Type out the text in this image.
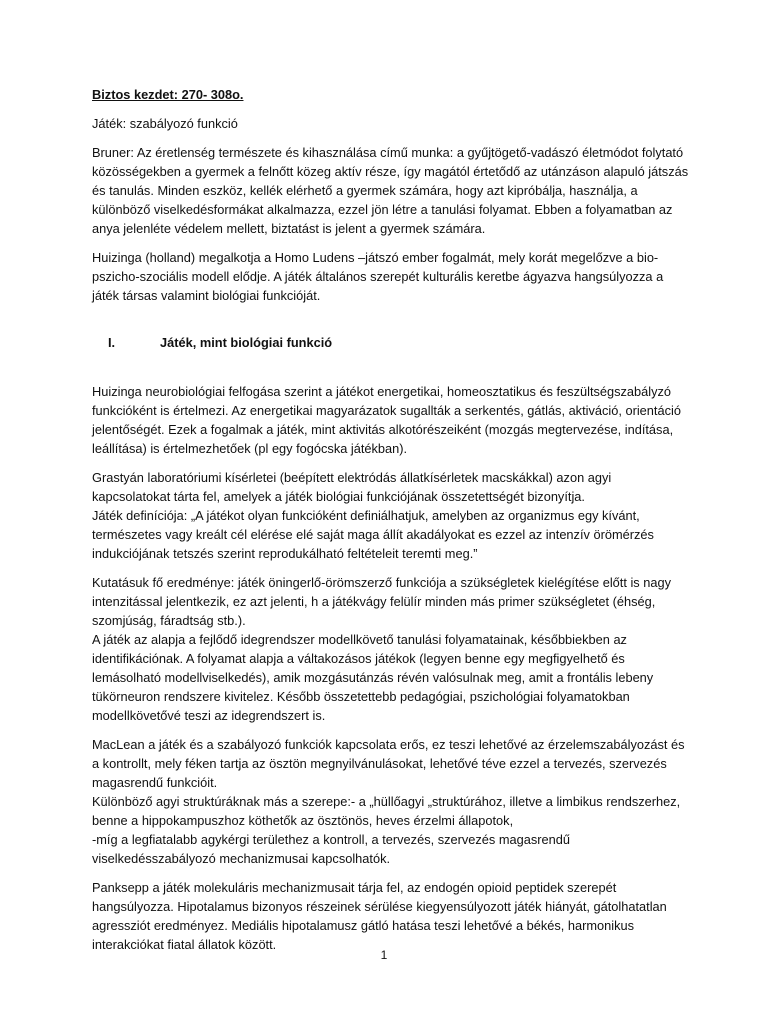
Biztos kezdet: 270- 308o.

Játék: szabályozó funkció

Bruner: Az éretlenség természete és kihasználása című munka: a gyűjtögető-vadászó életmódot folytató közösségekben a gyermek a felnőtt közeg aktív része, így magától értetődő az utánzáson alapuló játszás és tanulás. Minden eszköz, kellék elérhető a gyermek számára, hogy azt kipróbálja, használja, a különböző viselkedésformákat alkalmazza, ezzel jön létre a tanulási folyamat. Ebben a folyamatban az anya jelenléte védelem mellett, biztatást is jelent a gyermek számára.

Huizinga (holland) megalkotja a Homo Ludens –játszó ember fogalmát, mely korát megelőzve a bio-pszicho-szociális modell elődje. A játék általános szerepét kulturális keretbe ágyazva hangsúlyozza a játék társas valamint biológiai funkcióját.

I.	Játék, mint biológiai funkció

Huizinga neurobiológiai felfogása szerint a játékot energetikai, homeosztatikus és feszültségszabályzó funkcióként is értelmezi. Az energetikai magyarázatok sugallták a serkentés, gátlás, aktiváció, orientáció jelentőségét. Ezek a fogalmak a játék, mint aktivitás alkotórészeiként (mozgás megtervezése, indítása, leállítása) is értelmezhetőek (pl egy fogócska játékban).

Grastyán laboratóriumi kísérletei (beépített elektródás állatkísérletek macskákkal) azon agyi kapcsolatokat tárta fel, amelyek a játék biológiai funkciójának összetettségét bizonyítja.

Játék definíciója: „A játékot olyan funkcióként definiálhatjuk, amelyben az organizmus egy kívánt, természetes vagy kreált cél elérése elé saját maga állít akadályokat es ezzel az intenzív örömérzés indukciójának tetszés szerint reprodukálható feltételeit teremti meg.”

Kutatásuk fő eredménye: játék öningerlő-örömszerző funkciója a szükségletek kielégítése előtt is nagy intenzitással jelentkezik, ez azt jelenti, h a játékvágy felülír minden más primer szükségletet (éhség, szomjúság, fáradtság stb.).

A játék az alapja a fejlődő idegrendszer modellkövető tanulási folyamatainak, későbbiekben az identifikációnak. A folyamat alapja a váltakozásos játékok (legyen benne egy megfigyelhető és lemásolható modellviselkedés), amik mozgásutánzás révén valósulnak meg, amit a frontális lebeny tükörneuron rendszere kivitelez. Később összetettebb pedagógiai, pszichológiai folyamatokban modellkövetővé teszi az idegrendszert is.

MacLean a játék és a szabályozó funkciók kapcsolata erős, ez teszi lehetővé az érzelemszabályozást és a kontrollt, mely féken tartja az ösztön megnyilvánulásokat, lehetővé téve ezzel a tervezés, szervezés magasrendű funkcióit.

Különböző agyi struktúráknak más a szerepe:- a „hüllőagyi „struktúrához, illetve a limbikus rendszerhez, benne a hippokampuszhoz köthetők az ösztönös, heves érzelmi állapotok,

-míg a legfiatalabb agykérgi területhez a kontroll, a tervezés, szervezés magasrendű viselkedésszabályozó mechanizmusai kapcsolhatók.

Panksepp a játék molekuláris mechanizmusait tárja fel, az endogén opioid peptidek szerepét hangsúlyozza. Hipotalamus bizonyos részeinek sérülése kiegyensúlyozott játék hiányát, gátolhatatlan agressziót eredményez. Mediális hipotalamusz gátló hatása teszi lehetővé a békés, harmonikus interakciókat fiatal állatok között.

1
